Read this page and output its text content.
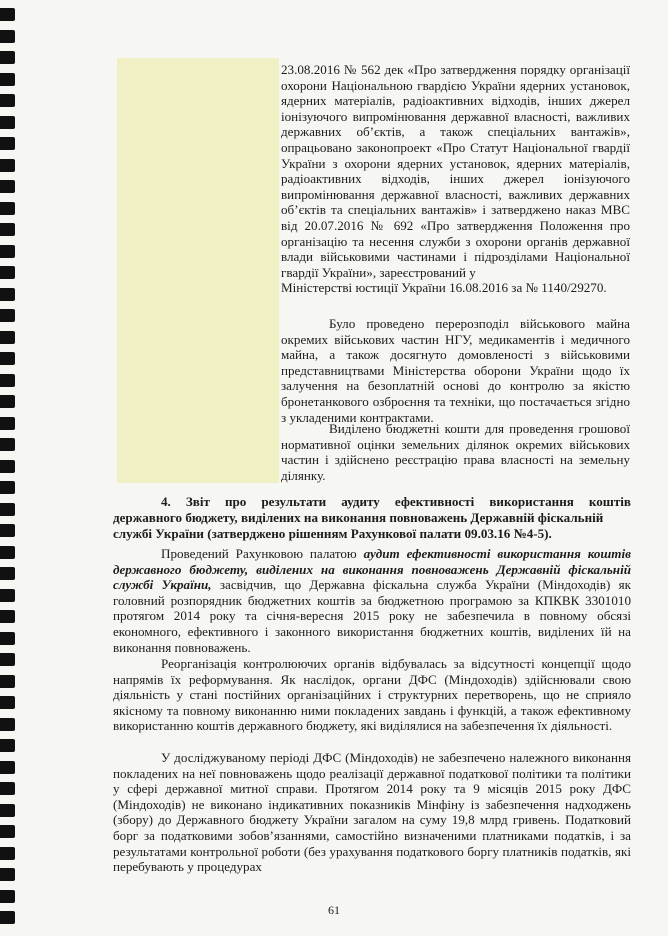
23.08.2016 № 562 дек «Про затвердження порядку організації охорони Національною гвардією України ядерних установок, ядерних матеріалів, радіоактивних відходів, інших джерел іонізуючого випромінювання державної власності, важливих державних об’єктів, а також спеціальних вантажів», опрацьовано законопроект «Про Статут Національної гвардії України з охорони ядерних установок, ядерних матеріалів, радіоактивних відходів, інших джерел іонізуючого випромінювання державної власності, важливих державних об’єктів та спеціальних вантажів» і затверджено наказ МВС від 20.07.2016 № 692 «Про затвердження Положення про організацію та несення служби з охорони органів державної влади військовими частинами і підрозділами Національної гвардії України», зареєстрований у
Міністерстві юстиції України 16.08.2016 за № 1140/29270.

Було проведено перерозподіл військового майна окремих військових частин НГУ, медикаментів і медичного майна, а також досягнуто домовленості з військовими представництвами Міністерства оборони України щодо їх залучення на безоплатній основі до контролю за якістю бронетанкового озброєння та техніки, що постачається згідно з укладеними контрактами.

Виділено бюджетні кошти для проведення грошової нормативної оцінки земельних ділянок окремих військових частин і здійснено реєстрацію права власності на земельну ділянку.

4. Звіт про результати аудиту ефективності використання коштів

державного бюджету, виділених на виконання повноважень Державній фіскальній службі України (затверджено рішенням Рахункової палати 09.03.16 №4-5).

Проведений Рахунковою палатою аудит ефективності використання коштів державного бюджету, виділених на виконання повноважень Державній фіскальній службі України, засвідчив, що Державна фіскальна служба України (Міндоходів) як головний розпорядник бюджетних коштів за бюджетною програмою за КПКВК 3301010 протягом 2014 року та січня-вересня 2015 року не забезпечила в повному обсязі економного, ефективного і законного використання бюджетних коштів, виділених їй на виконання повноважень.

Реорганізація контролюючих органів відбувалась за відсутності концепції щодо напрямів їх реформування. Як наслідок, органи ДФС (Міндоходів) здійснювали свою діяльність у стані постійних організаційних і структурних перетворень, що не сприяло якісному та повному виконанню ними покладених завдань і функцій, а також ефективному використанню коштів державного бюджету, які виділялися на забезпечення їх діяльності.

У досліджуваному періоді ДФС (Міндоходів) не забезпечено належного виконання покладених на неї повноважень щодо реалізації державної податкової політики та політики у сфері державної митної справи. Протягом 2014 року та 9 місяців 2015 року ДФС (Міндоходів) не виконано індикативних показників Мінфіну із забезпечення надходжень (збору) до Державного бюджету України загалом на суму 19,8 млрд гривень. Податковий борг за податковими зобов’язаннями, самостійно визначеними платниками податків, і за результатами контрольної роботи (без урахування податкового боргу платників податків, які перебувають у процедурах

61
